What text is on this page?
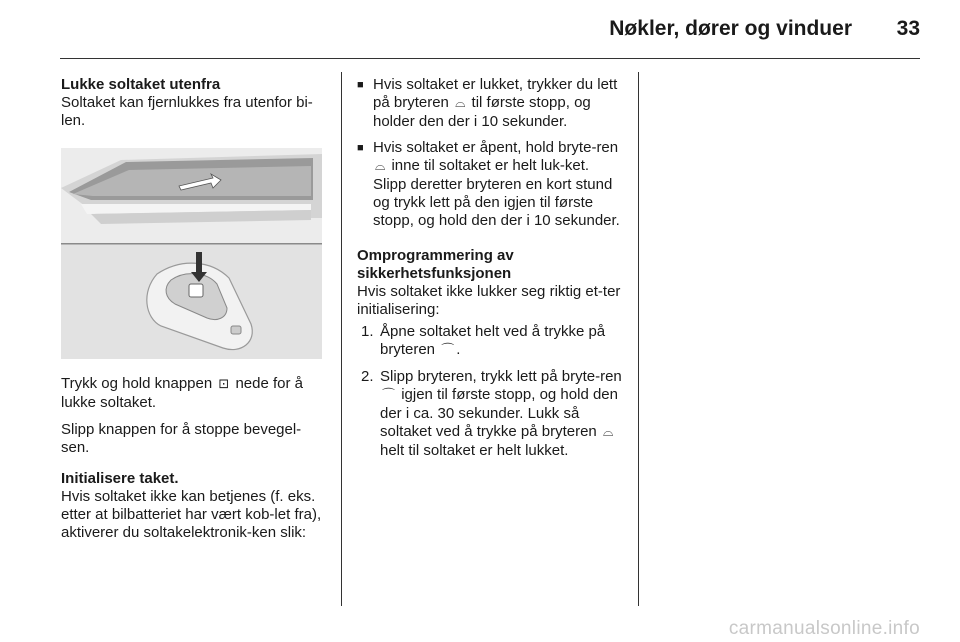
Nøkler, dører og vinduer 33

Lukke soltaket utenfra

Soltaket kan fjernlukkes fra utenfor bi-len.

Trykk og hold knappen ⊡ nede for å lukke soltaket.

Slipp knappen for å stoppe bevegel-sen.

Initialisere taket.

Hvis soltaket ikke kan betjenes (f. eks. etter at bilbatteriet har vært kob-let fra), aktiverer du soltakelektronik-ken slik:

■ Hvis soltaket er lukket, trykker du lett på bryteren ⌓ til første stopp, og holder den der i 10 sekunder.
■ Hvis soltaket er åpent, hold bryte-ren ⌓ inne til soltaket er helt luk-ket. Slipp deretter bryteren en kort stund og trykk lett på den igjen til første stopp, og hold den der i 10 sekunder.

Omprogrammering av sikkerhetsfunksjonen

Hvis soltaket ikke lukker seg riktig et-ter initialisering:

1. Åpne soltaket helt ved å trykke på bryteren ⌒ .
2. Slipp bryteren, trykk lett på bryte-ren ⌒ igjen til første stopp, og hold den der i ca. 30 sekunder. Lukk så soltaket ved å trykke på bryteren ⌓ helt til soltaket er helt lukket.
carmanualsonline.info
